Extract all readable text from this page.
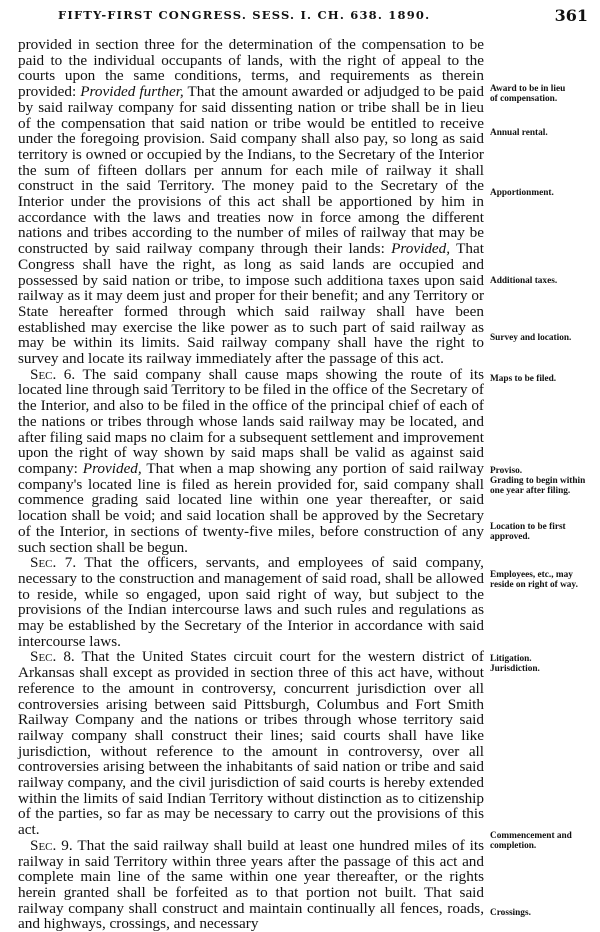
FIFTY-FIRST CONGRESS. SESS. I. CH. 638. 1890.	361

provided in section three for the determination of the compensation to be paid to the individual occupants of lands, with the right of appeal to the courts upon the same conditions, terms, and requirements as therein provided: Provided further, That the amount awarded or adjudged to be paid by said railway company for said dissenting nation or tribe shall be in lieu of the compensation that said nation or tribe would be entitled to receive under the foregoing provision. Said company shall also pay, so long as said territory is owned or occupied by the Indians, to the Secretary of the Interior the sum of fifteen dollars per annum for each mile of railway it shall construct in the said Territory. The money paid to the Secretary of the Interior under the provisions of this act shall be apportioned by him in accordance with the laws and treaties now in force among the different nations and tribes according to the number of miles of railway that may be constructed by said railway company through their lands: Provided, That Congress shall have the right, as long as said lands are occupied and possessed by said nation or tribe, to impose such additiona taxes upon said railway as it may deem just and proper for their benefit; and any Territory or State hereafter formed through which said railway shall have been established may exercise the like power as to such part of said railway as may be within its limits. Said railway company shall have the right to survey and locate its railway immediately after the passage of this act.

Sec. 6. The said company shall cause maps showing the route of its located line through said Territory to be filed in the office of the Secretary of the Interior, and also to be filed in the office of the principal chief of each of the nations or tribes through whose lands said railway may be located, and after filing said maps no claim for a subsequent settlement and improvement upon the right of way shown by said maps shall be valid as against said company: Provided, That when a map showing any portion of said railway company's located line is filed as herein provided for, said company shall commence grading said located line within one year thereafter, or said location shall be void; and said location shall be approved by the Secretary of the Interior, in sections of twenty-five miles, before construction of any such section shall be begun.

Sec. 7. That the officers, servants, and employees of said company, necessary to the construction and management of said road, shall be allowed to reside, while so engaged, upon said right of way, but subject to the provisions of the Indian intercourse laws and such rules and regulations as may be established by the Secretary of the Interior in accordance with said intercourse laws.

Sec. 8. That the United States circuit court for the western district of Arkansas shall except as provided in section three of this act have, without reference to the amount in controversy, concurrent jurisdiction over all controversies arising between said Pittsburgh, Columbus and Fort Smith Railway Company and the nations or tribes through whose territory said railway company shall construct their lines; said courts shall have like jurisdiction, without reference to the amount in controversy, over all controversies arising between the inhabitants of said nation or tribe and said railway company, and the civil jurisdiction of said courts is hereby extended within the limits of said Indian Territory without distinction as to citizenship of the parties, so far as may be necessary to carry out the provisions of this act.

Sec. 9. That the said railway shall build at least one hundred miles of its railway in said Territory within three years after the passage of this act and complete main line of the same within one year thereafter, or the rights herein granted shall be forfeited as to that portion not built. That said railway company shall construct and maintain continually all fences, roads, and highways, crossings, and necessary

Award to be in lieu
of compensation.
Annual rental.
Apportionment.
Additional taxes.
Survey and location.
Maps to be filed.
Proviso.
Grading to begin within one year after filing.
Location to be first approved.
Employees, etc., may reside on right of way.
Litigation.
Jurisdiction.
Commencement and completion.
Crossings.
